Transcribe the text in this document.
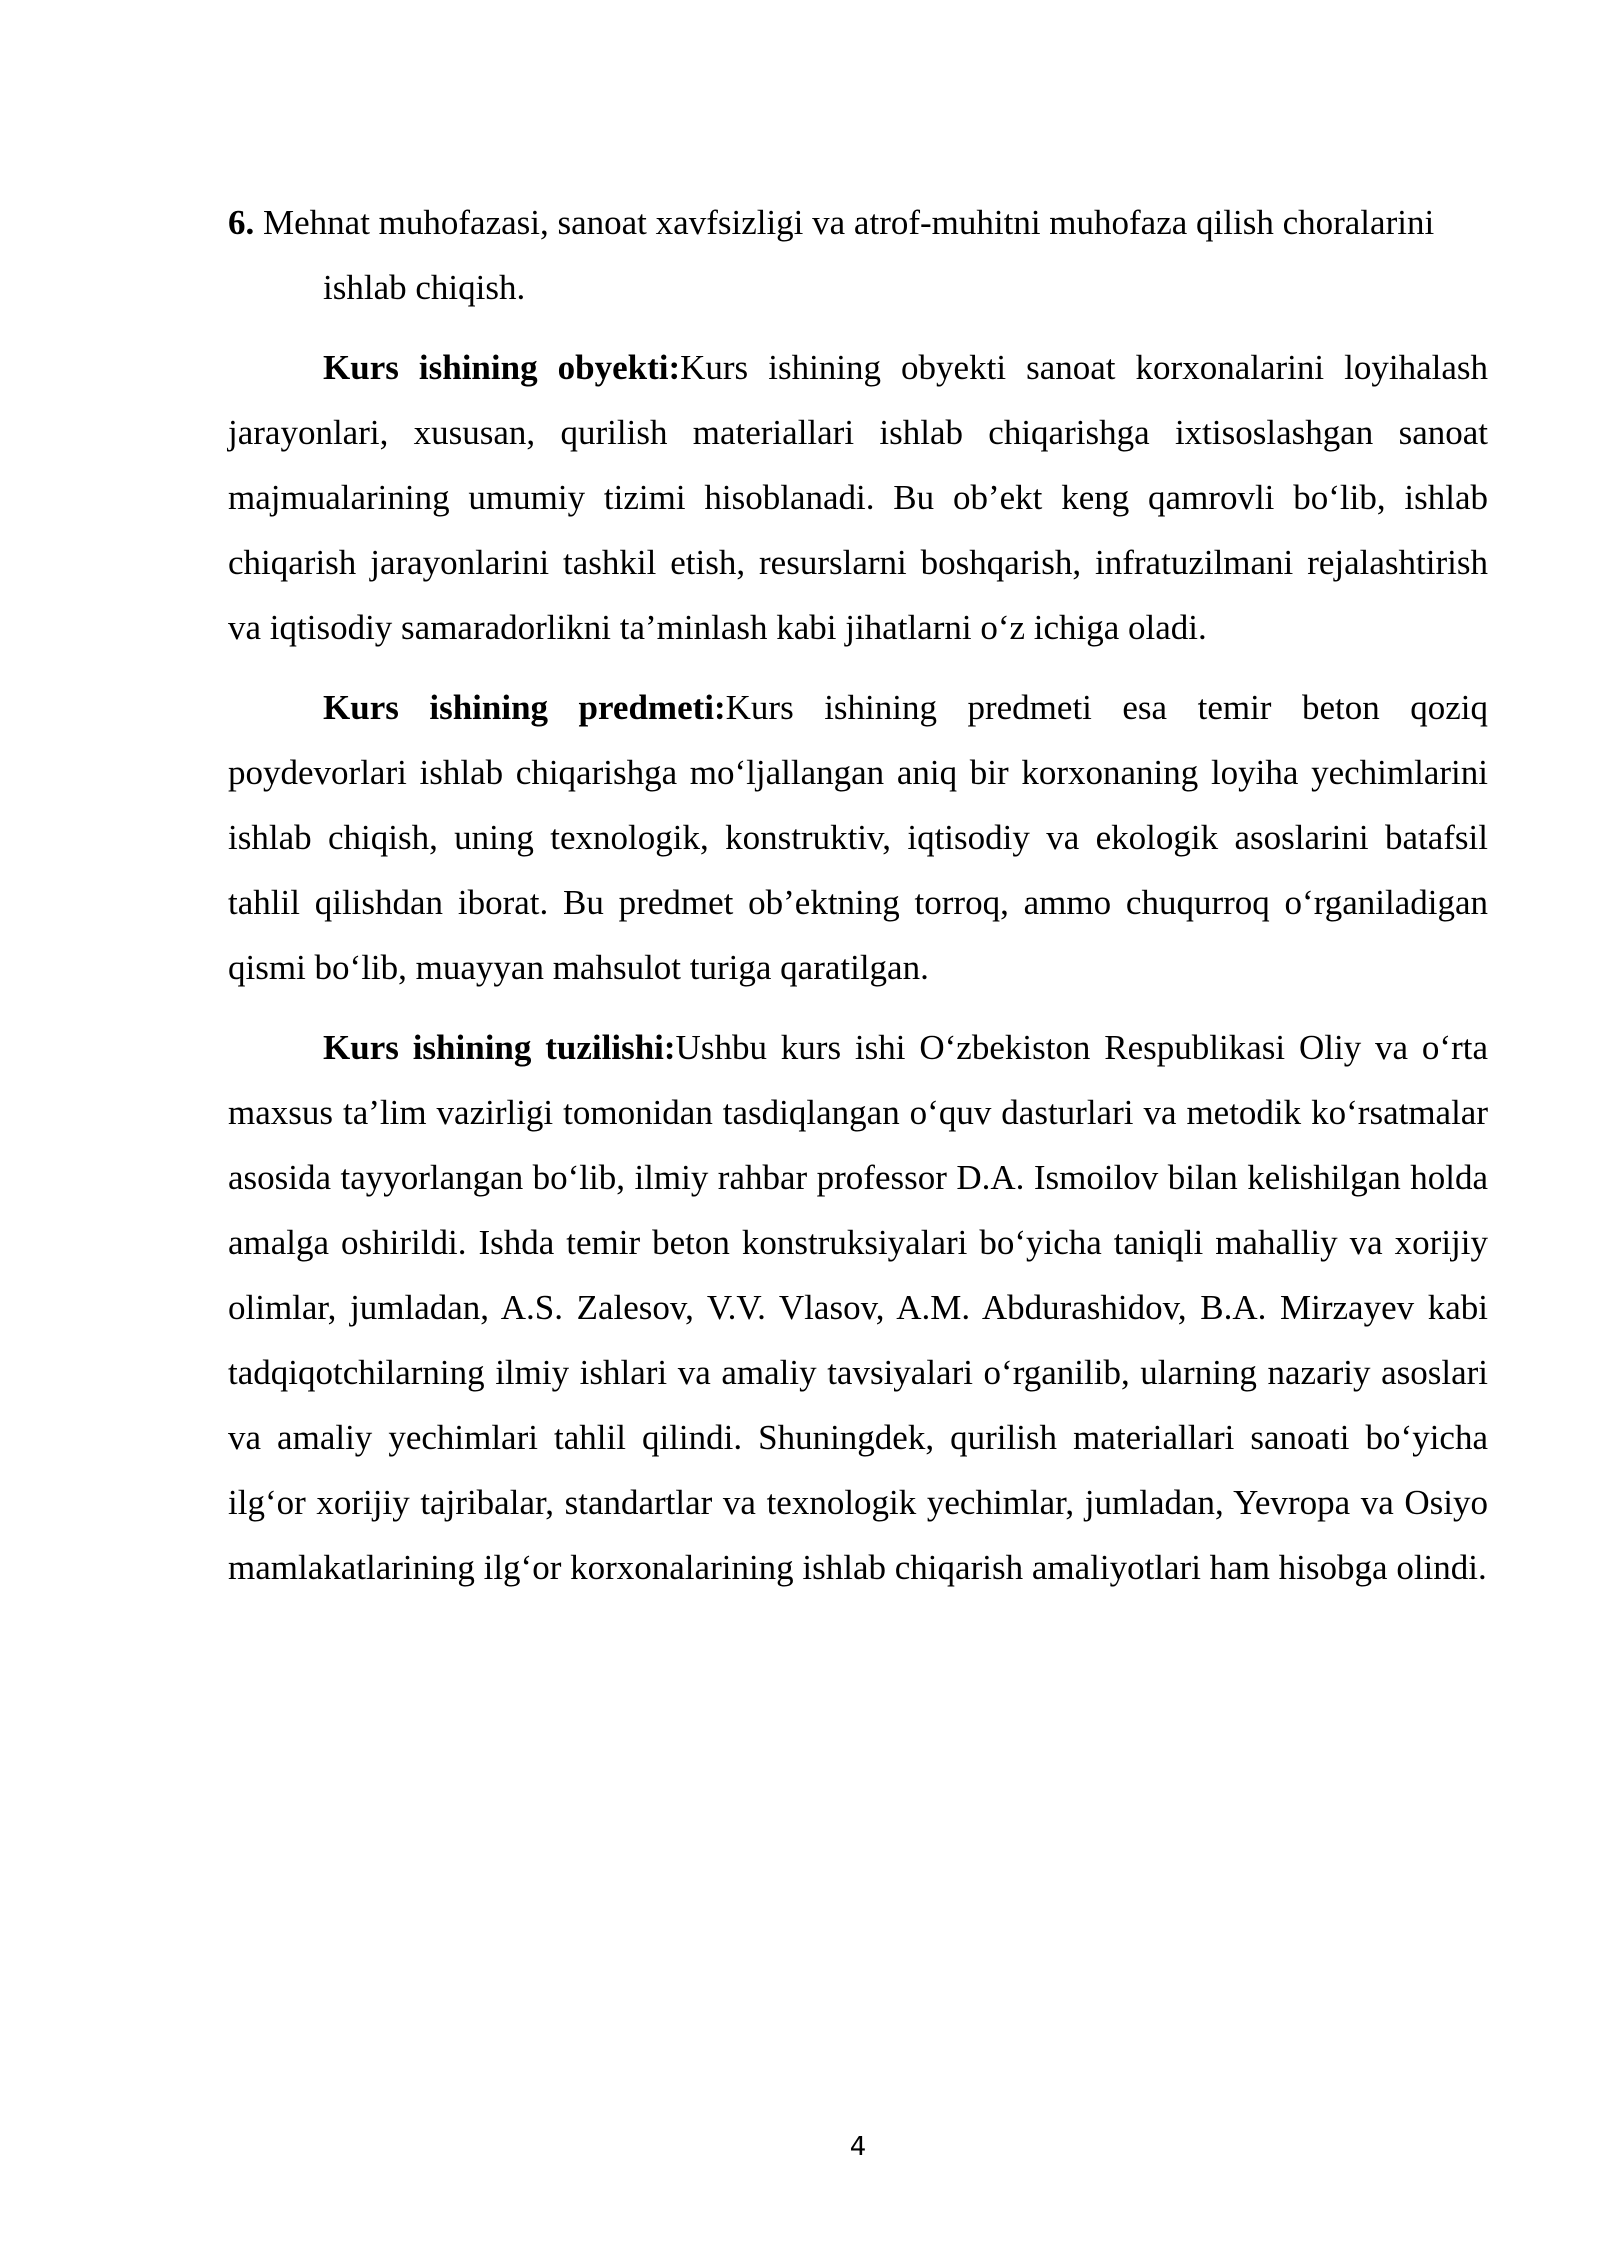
6. Mehnat muhofazasi, sanoat xavfsizligi va atrof-muhitni muhofaza qilish choralarini ishlab chiqish.

Kurs ishining obyekti:Kurs ishining obyekti sanoat korxonalarini loyihalash jarayonlari, xususan, qurilish materiallari ishlab chiqarishga ixtisoslashgan sanoat majmualarining umumiy tizimi hisoblanadi. Bu ob’ekt keng qamrovli bo‘lib, ishlab chiqarish jarayonlarini tashkil etish, resurslarni boshqarish, infratuzilmani rejalashtirish va iqtisodiy samaradorlikni ta’minlash kabi jihatlarni o‘z ichiga oladi.

Kurs ishining predmeti:Kurs ishining predmeti esa temir beton qoziq poydevorlari ishlab chiqarishga mo‘ljallangan aniq bir korxonaning loyiha yechimlarini ishlab chiqish, uning texnologik, konstruktiv, iqtisodiy va ekologik asoslarini batafsil tahlil qilishdan iborat. Bu predmet ob’ektning torroq, ammo chuqurroq o‘rganiladigan qismi bo‘lib, muayyan mahsulot turiga qaratilgan.

Kurs ishining tuzilishi:Ushbu kurs ishi O‘zbekiston Respublikasi Oliy va o‘rta maxsus ta’lim vazirligi tomonidan tasdiqlangan o‘quv dasturlari va metodik ko‘rsatmalar asosida tayyorlangan bo‘lib, ilmiy rahbar professor D.A. Ismoilov bilan kelishilgan holda amalga oshirildi. Ishda temir beton konstruksiyalari bo‘yicha taniqli mahalliy va xorijiy olimlar, jumladan, A.S. Zalesov, V.V. Vlasov, A.M. Abdurashidov, B.A. Mirzayev kabi tadqiqotchilarning ilmiy ishlari va amaliy tavsiyalari o‘rganilib, ularning nazariy asoslari va amaliy yechimlari tahlil qilindi. Shuningdek, qurilish materiallari sanoati bo‘yicha ilg‘or xorijiy tajribalar, standartlar va texnologik yechimlar, jumladan, Yevropa va Osiyo mamlakatlarining ilg‘or korxonalarining ishlab chiqarish amaliyotlari ham hisobga olindi.

4
